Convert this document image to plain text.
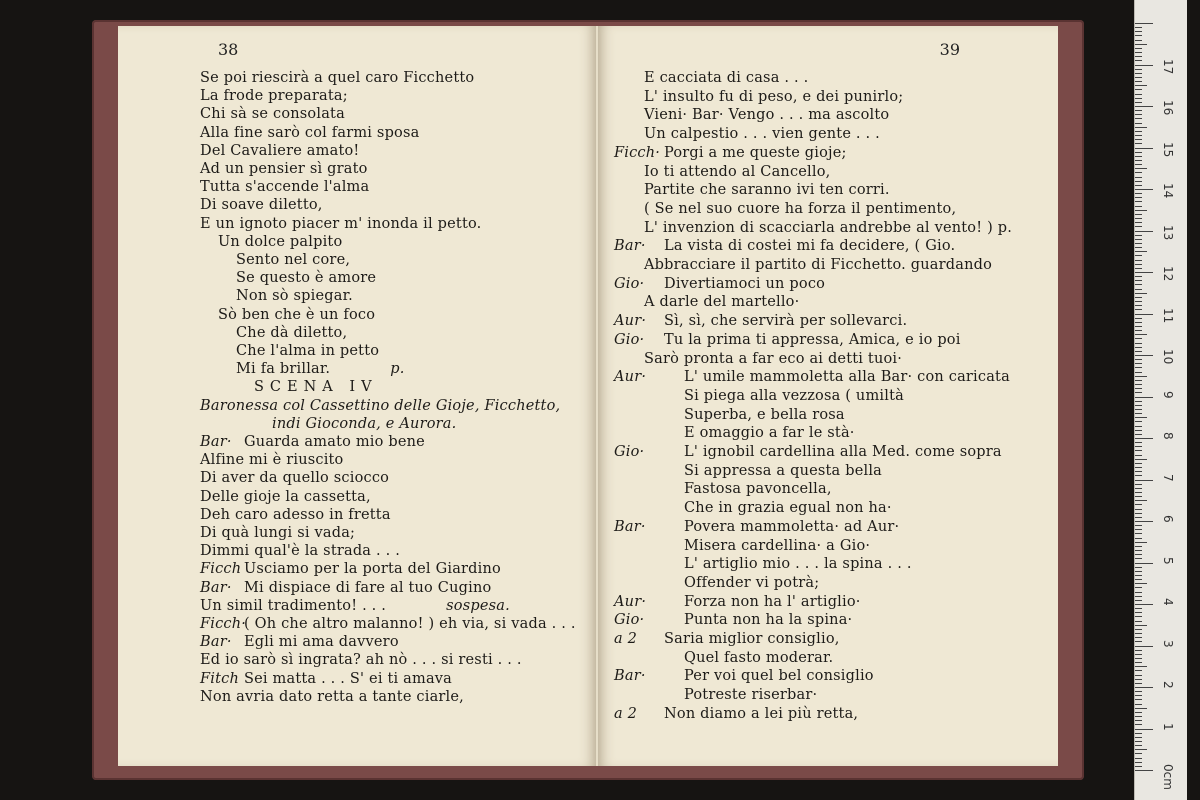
38
Se poi riescirà a quel caro Ficchetto
La frode preparata;
Chi sà se consolata
Alla fine sarò col farmi sposa
Del Cavaliere amato!
Ad un pensier sì grato
Tutta s'accende l'alma
Di soave diletto,
E un ignoto piacer m' inonda il petto.
Un dolce palpito
Sento nel core,
Se questo è amore
Non sò spiegar.
Sò ben che è un foco
Che dà diletto,
Che l'alma in petto
Mi fa brillar.	p.
SCENA IV
Baronessa col Cassettino delle Gioje, Ficchetto,
indi Gioconda, e Aurora.
Bar· Guarda amato mio bene
Alfine mi è riuscito
Di aver da quello sciocco
Delle gioje la cassetta,
Deh caro adesso in fretta
Di quà lungi si vada;
Dimmi qual'è la strada . . .
Ficch Usciamo per la porta del Giardino
Bar· Mi dispiace di fare al tuo Cugino
Un simil tradimento! . . .	sospesa.
Ficch·( Oh che altro malanno! ) eh via, si vada . . .
Bar· Egli mi ama davvero
Ed io sarò sì ingrata? ah nò . . . si resti . . .
Fitch Sei matta . . . S' ei ti amava
Non avria dato retta a tante ciarle,
39
E cacciata di casa . . .
L' insulto fu di peso, e dei punirlo;
Vieni· Bar· Vengo . . . ma ascolto
Un calpestio . . . vien gente . . .
Ficch· Porgi a me queste gioje;
Io ti attendo al Cancello,
Partite che saranno ivi ten corri.
( Se nel suo cuore ha forza il pentimento,
L' invenzion di scacciarla andrebbe al vento! ) p.
Bar· La vista di costei mi fa decidere, ( Gio.
Abbracciare il partito di Ficchetto. guardando
Gio· Divertiamoci un poco
A darle del martello·
Aur· Sì, sì, che servirà per sollevarci.
Gio· Tu la prima ti appressa, Amica, e io poi
Sarò pronta a far eco ai detti tuoi·
Aur·	L' umile mammoletta alla Bar· con caricata
Si piega alla vezzosa ( umiltà
Superba, e bella rosa
E omaggio a far le stà·
Gio·	L' ignobil cardellina alla Med. come sopra
Si appressa a questa bella
Fastosa pavoncella,
Che in grazia egual non ha·
Bar·	Povera mammoletta· ad Aur·
Misera cardellina· a Gio·
L' artiglio mio . . . la spina . . .
Offender vi potrà;
Aur·	Forza non ha l' artiglio·
Gio·	Punta non ha la spina·
a 2 Saria miglior consiglio,
Quel fasto moderar.
Bar·	Per voi quel bel consiglio
Potreste riserbar·
a 2 Non diamo a lei più retta,
0cm
1
2
3
4
5
6
7
8
9
10
11
12
13
14
15
16
17
